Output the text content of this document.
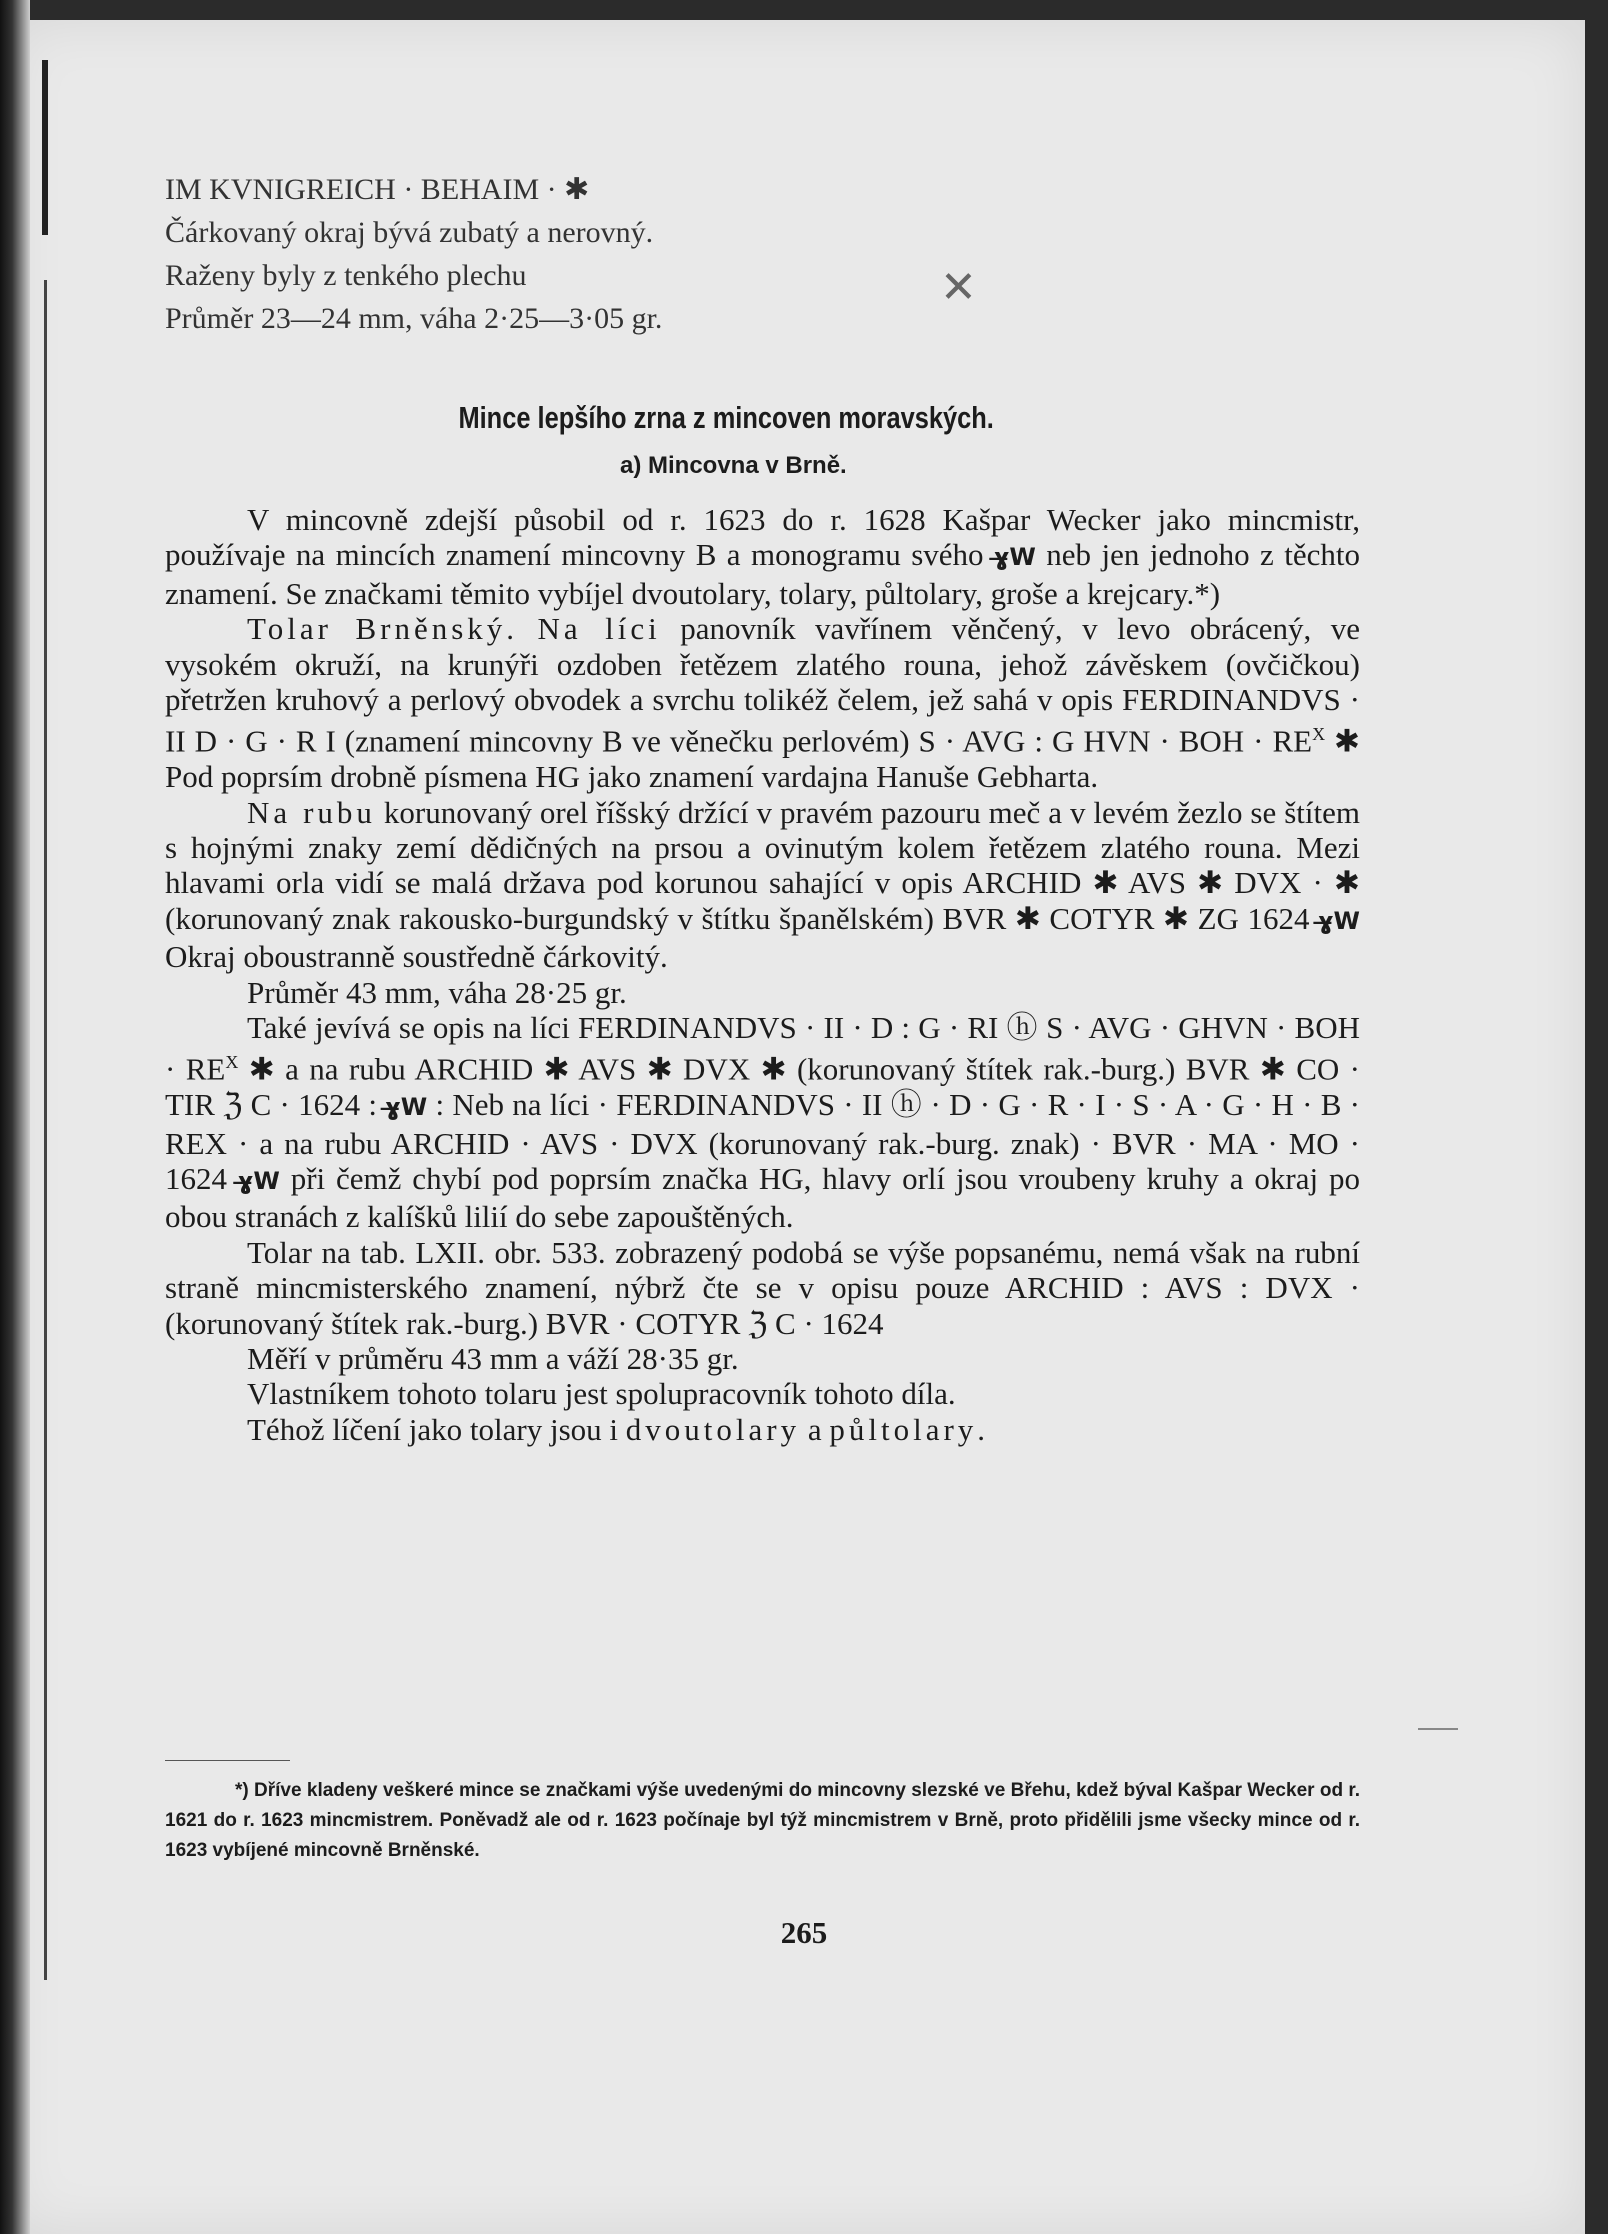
IM KVNIGREICH · BEHAIM · ✱
Čárkovaný okraj bývá zubatý a nerovný.
Raženy byly z tenkého plechu
Průměr 23—24 mm, váha 2·25—3·05 gr.
✕
Mince lepšího zrna z mincoven moravských.
a) Mincovna v Brně.

V mincovně zdejší působil od r. 1623 do r. 1628 Kašpar Wecker jako mincmistr, používaje na mincích znamení mincovny B a monogramu svého ɣ̶W neb jen jednoho z těchto znamení. Se značkami těmito vybíjel dvoutolary, tolary, půltolary, groše a krejcary.*)

Tolar Brněnský. Na líci panovník vavřínem věnčený, v levo obrácený, ve vysokém okruží, na krunýři ozdoben řetězem zlatého rouna, jehož závěskem (ovčičkou) přetržen kruhový a perlový obvodek a svrchu tolikéž čelem, jež sahá v opis FERDINANDVS · II D · G · R I (znamení mincovny B ve věnečku perlovém) S · AVG : G HVN · BOH · $RE^X$ ✱ Pod poprsím drobně písmena HG jako znamení vardajna Hanuše Gebharta.

Na rubu korunovaný orel říšský držící v pravém pazouru meč a v levém žezlo se štítem s hojnými znaky zemí dědičných na prsou a ovinutým kolem řetězem zlatého rouna. Mezi hlavami orla vidí se malá država pod korunou sahající v opis ARCHID ✱ AVS ✱ DVX · ✱ (korunovaný znak rakousko-burgundský v štítku španělském) BVR ✱ COTYR ✱ ZG 1624 ɣ̶W Okraj oboustranně soustředně čárkovitý.

Průměr 43 mm, váha 28·25 gr.

Také jevívá se opis na líci FERDINANDVS · II · D : G · RI ⓗ S · AVG · GHVN · BOH · $RE^X$ ✱ a na rubu ARCHID ✱ AVS ✱ DVX ✱ (korunovaný štítek rak.-burg.) BVR ✱ CO · TIR ℨ C · 1624 : ɣ̶W : Neb na líci · FERDINANDVS · II ⓗ · D · G · R · I · S · A · G · H · B · REX · a na rubu ARCHID · AVS · DVX (korunovaný rak.-burg. znak) · BVR · MA · MO · 1624 ɣ̶W při čemž chybí pod poprsím značka HG, hlavy orlí jsou vroubeny kruhy a okraj po obou stranách z kalíšků lilií do sebe zapouštěných.

Tolar na tab. LXII. obr. 533. zobrazený podobá se výše popsanému, nemá však na rubní straně mincmisterského znamení, nýbrž čte se v opisu pouze ARCHID : AVS : DVX · (korunovaný štítek rak.-burg.) BVR · COTYR ℨ C · 1624

Měří v průměru 43 mm a váží 28·35 gr.

Vlastníkem tohoto tolaru jest spolupracovník tohoto díla.

Téhož líčení jako tolary jsou i dvoutolary a půltolary.

*) Dříve kladeny veškeré mince se značkami výše uvedenými do mincovny slezské ve Břehu, kdež býval Kašpar Wecker od r. 1621 do r. 1623 mincmistrem. Poněvadž ale od r. 1623 počínaje byl týž mincmistrem v Brně, proto přidělili jsme všecky mince od r. 1623 vybíjené mincovně Brněnské.
265
